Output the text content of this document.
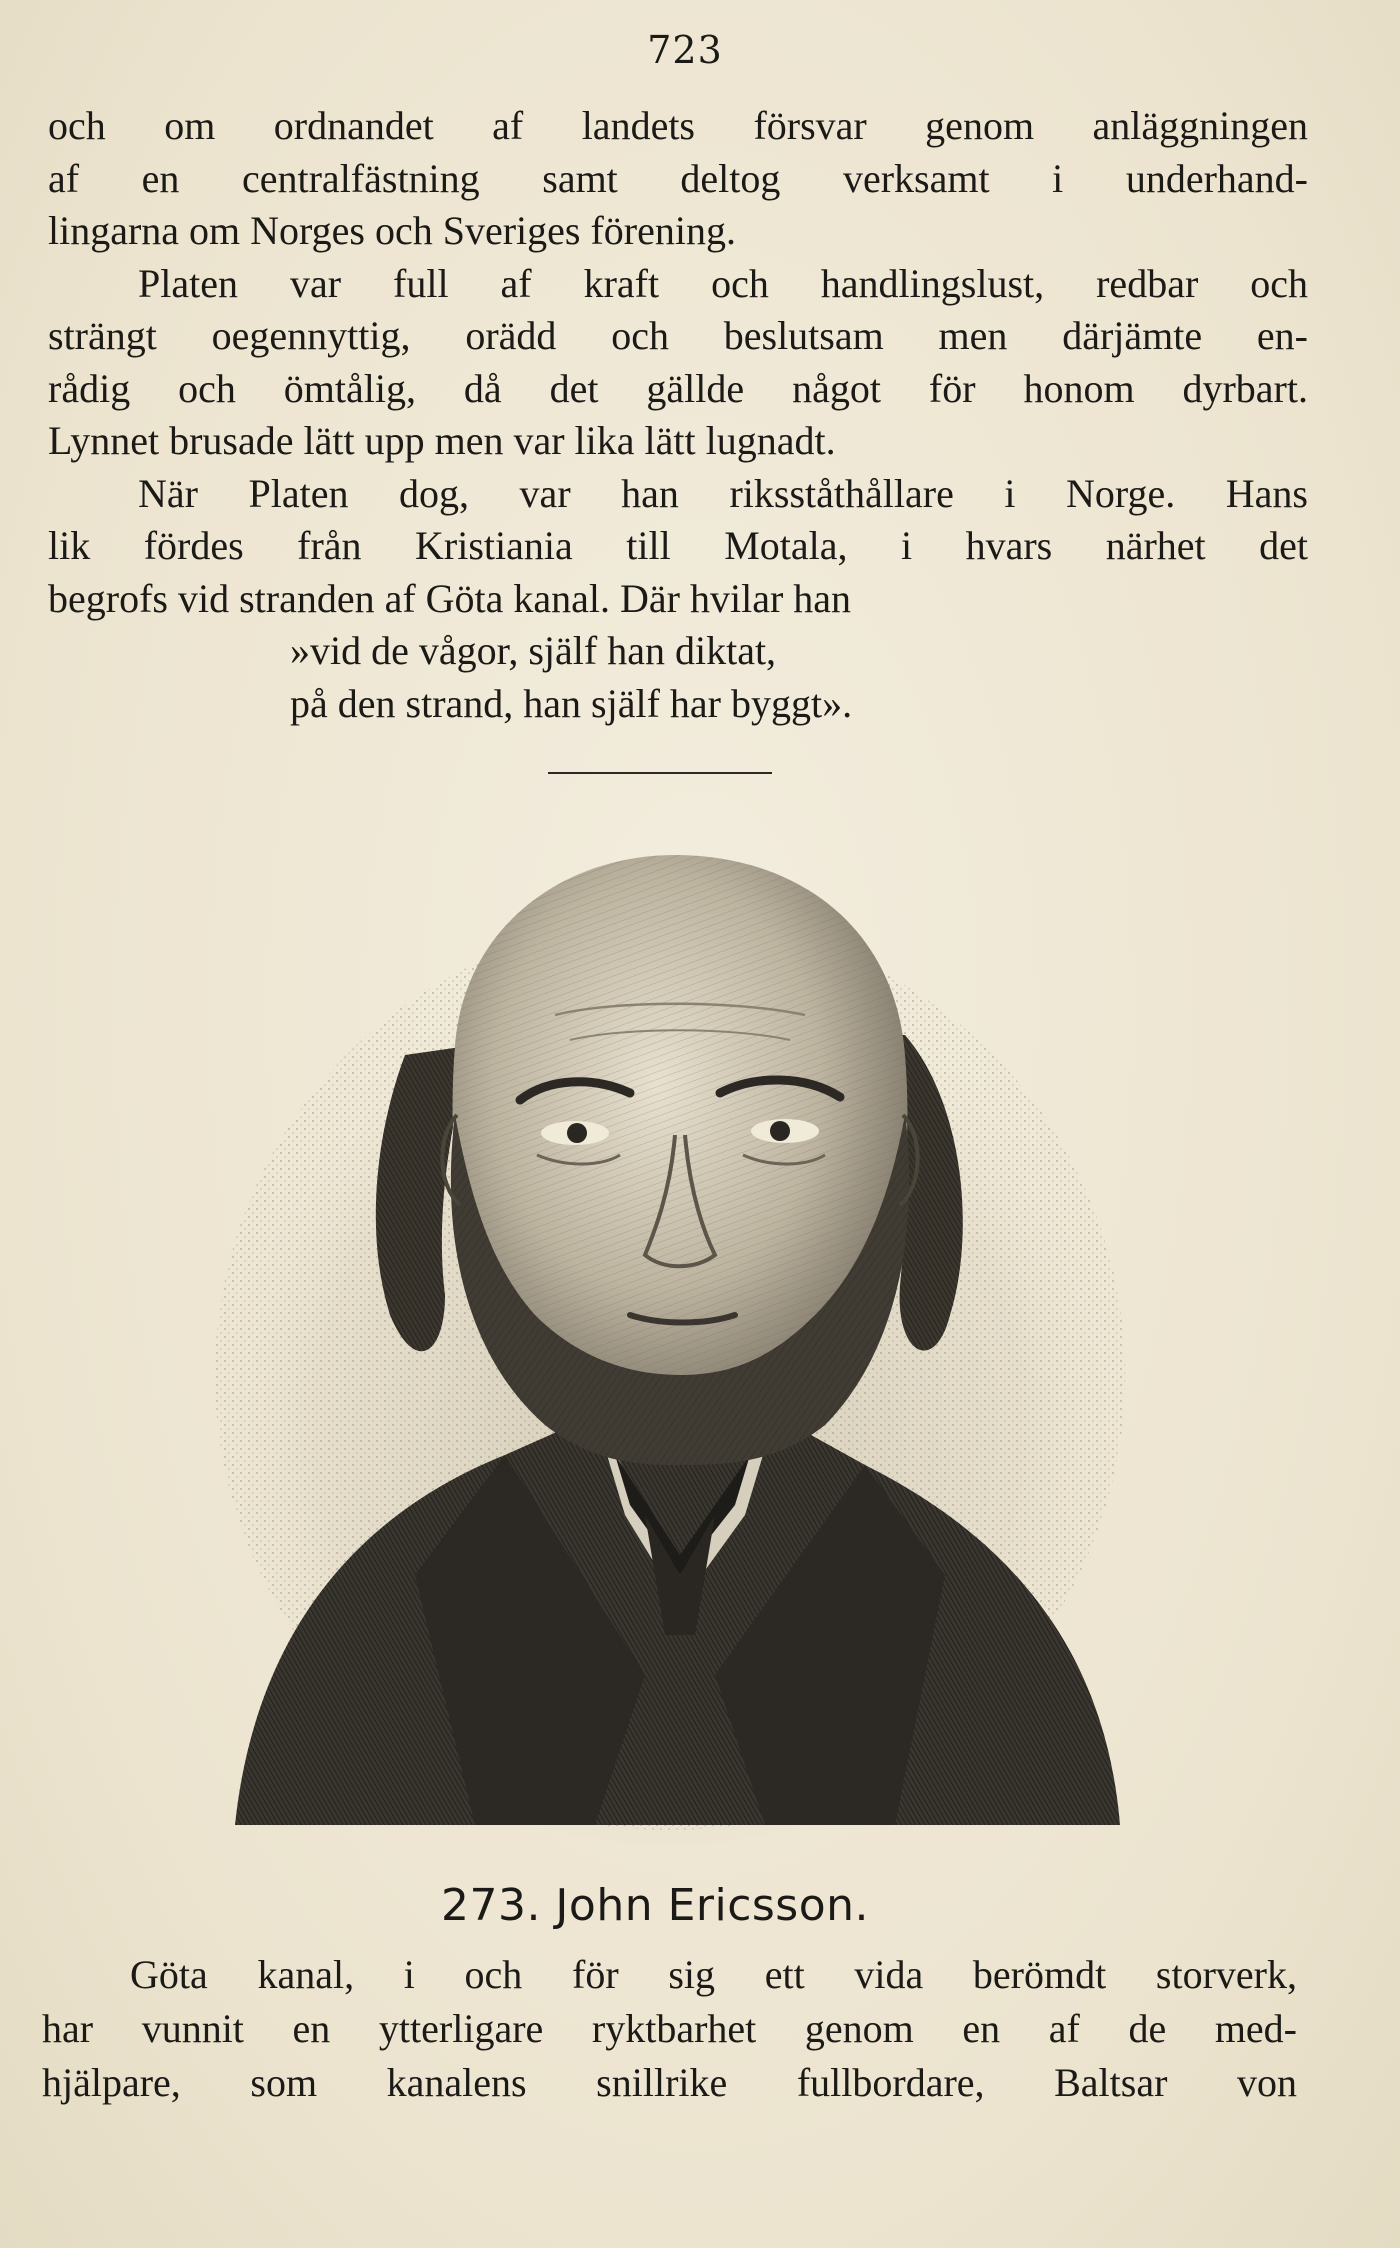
723
och om ordnandet af landets försvar genom anläggningen
af en centralfästning samt deltog verksamt i underhand-
lingarna om Norges och Sveriges förening.
Platen var full af kraft och handlingslust, redbar och
strängt oegennyttig, orädd och beslutsam men därjämte en-
rådig och ömtålig, då det gällde något för honom dyrbart.
Lynnet brusade lätt upp men var lika lätt lugnadt.
När Platen dog, var han riksståthållare i Norge. Hans
lik fördes från Kristiania till Motala, i hvars närhet det
begrofs vid stranden af Göta kanal. Där hvilar han
»vid de vågor, själf han diktat,
på den strand, han själf har byggt».
273. John Ericsson.
Göta kanal, i och för sig ett vida berömdt storverk,
har vunnit en ytterligare ryktbarhet genom en af de med-
hjälpare, som kanalens snillrike fullbordare, Baltsar von
